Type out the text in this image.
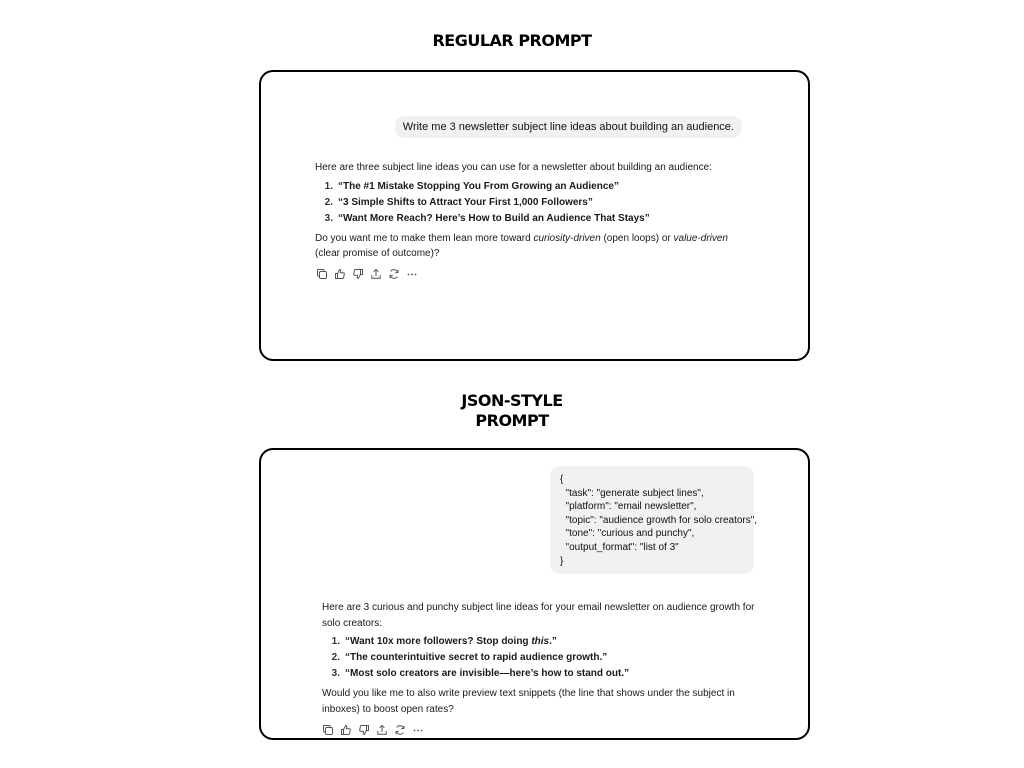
REGULAR PROMPT
Write me 3 newsletter subject line ideas about building an audience.

Here are three subject line ideas you can use for a newsletter about building an audience:

1. “The #1 Mistake Stopping You From Growing an Audience”
2. “3 Simple Shifts to Attract Your First 1,000 Followers”
3. “Want More Reach? Here’s How to Build an Audience That Stays”

Do you want me to make them lean more toward curiosity-driven (open loops) or value-driven (clear promise of outcome)?

JSON-STYLE
PROMPT
{
"task": "generate subject lines",
"platform": "email newsletter",
"topic": "audience growth for solo creators",
"tone": "curious and punchy",
"output_format": "list of 3"
}

Here are 3 curious and punchy subject line ideas for your email newsletter on audience growth for solo creators:

1. “Want 10x more followers? Stop doing this.”
2. “The counterintuitive secret to rapid audience growth.”
3. “Most solo creators are invisible—here’s how to stand out.”

Would you like me to also write preview text snippets (the line that shows under the subject in inboxes) to boost open rates?
